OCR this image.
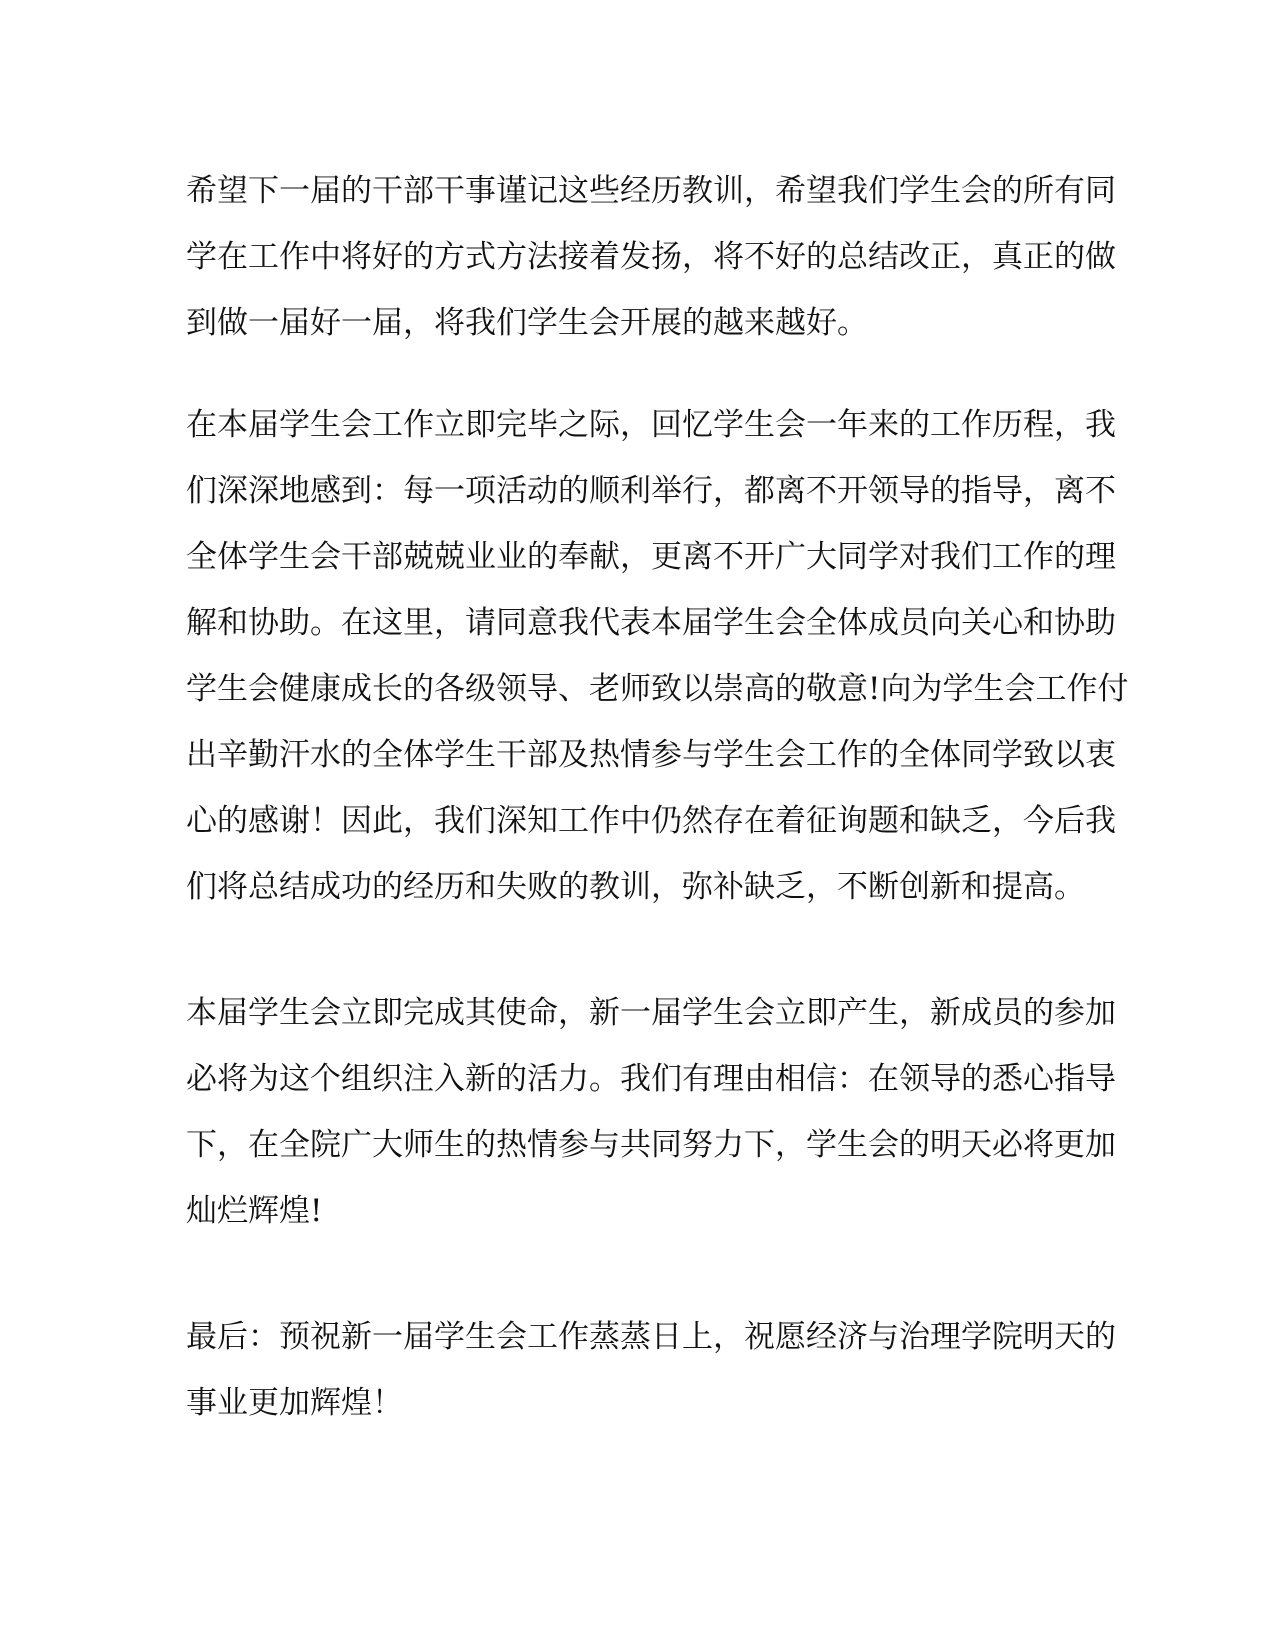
希望下一届的干部干事谨记这些经历教训，希望我们学生会的所有同
学在工作中将好的方式方法接着发扬，将不好的总结改正，真正的做
到做一届好一届，将我们学生会开展的越来越好。
在本届学生会工作立即完毕之际，回忆学生会一年来的工作历程，我
们深深地感到：每一项活动的顺利举行，都离不开领导的指导，离不
全体学生会干部兢兢业业的奉献，更离不开广大同学对我们工作的理
解和协助。在这里，请同意我代表本届学生会全体成员向关心和协助
学生会健康成长的各级领导、老师致以崇高的敬意!向为学生会工作付
出辛勤汗水的全体学生干部及热情参与学生会工作的全体同学致以衷
心的感谢！因此，我们深知工作中仍然存在着征询题和缺乏，今后我
们将总结成功的经历和失败的教训，弥补缺乏，不断创新和提高。
本届学生会立即完成其使命，新一届学生会立即产生，新成员的参加
必将为这个组织注入新的活力。我们有理由相信：在领导的悉心指导
下，在全院广大师生的热情参与共同努力下，学生会的明天必将更加
灿烂辉煌!
最后：预祝新一届学生会工作蒸蒸日上，祝愿经济与治理学院明天的
事业更加辉煌！
